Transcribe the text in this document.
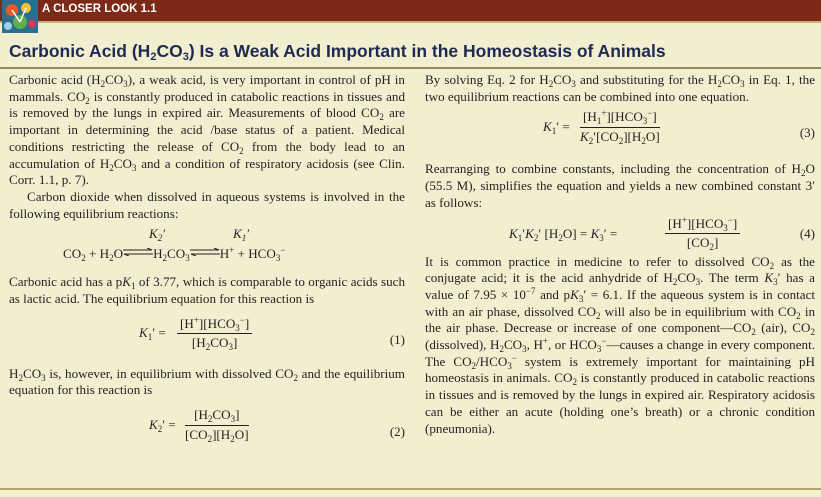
A CLOSER LOOK 1.1
Carbonic Acid $(H_2CO_3)$ Is a Weak Acid Important in the Homeostasis of Animals

Carbonic acid $(H_2CO_3)$, a weak acid, is very important in control of pH in mammals. $CO_2$ is constantly produced in catabolic reactions in tissues and is removed by the lungs in expired air. Measurements of blood $CO_2$ are important in determining the acid /base status of a patient. Medical conditions restricting the release of $CO_2$ from the body lead to an accumulation of $H_2CO_3$ and a condition of respiratory acidosis (see Clin. Corr. 1.1, p. 7).

Carbon dioxide when dissolved in aqueous systems is involved in the following equilibrium reactions:

$K_2'$	$K_1'$
$CO_2$ + $H_2O\rightleftharpoons H_2CO_3$ ⇌H+ + $HCO_3^-$

Carbonic acid has a $pK_1$ of 3.77, which is comparable to organic acids such as lactic acid. The equilibrium equation for this reaction is

$K_1'$ =
$[H^+][HCO_3^-]$
$[H_2CO_3]$	(1)

$H_2CO_3$ is, however, in equilibrium with dissolved $CO_2$ and the equilibrium equation for this reaction is

$K_2' = \frac{[H_2CO_3]}{[CO_2][H_2O]}$	(2)

By solving Eq. 2 for $H_2CO_3$ and substituting for the $H_2CO_3$ in Eq. 1, the two equilibrium reactions can be combined into one equation.

$K_1'$ =
$[H_1^+][HCO_3^-]$
$K_2'[CO_2][H_2O]$	(3)

Rearranging to combine constants, including the concentration of $H_2O$ (55.5 M), simplifies the equation and yields a new combined constant 3′ as follows:

$K_1'K_2'$ $[H_2O] = K_3'$ =
$[H^+][HCO_3^-]$
$[CO_2]$
(4)

It is common practice in medicine to refer to dissolved $CO_2$ as the conjugate acid; it is the acid anhydride of $H_2CO_3$. The term $K_3'$ has a value of $7.95 \times 10^{-7}$ and $pK_3' = 6.1$. If the aqueous system is in contact with an air phase, dissolved $CO_2$ will also be in equilibrium with $CO_2$ in the air phase. Decrease or increase of one $component—CO_2$ (air), $CO_2$ (dissolved), $H_2CO_3$, H+, or $HCO_3^-—causes$ a change in every component. The $CO_2/HCO_3^-$ system is extremely important for maintaining pH homeostasis in animals. $CO_2$ is constantly produced in catabolic reactions in tissues and is removed by the lungs in expired air. Respiratory acidosis can be either an acute (holding one’s breath) or a chronic condition (pneumonia).
